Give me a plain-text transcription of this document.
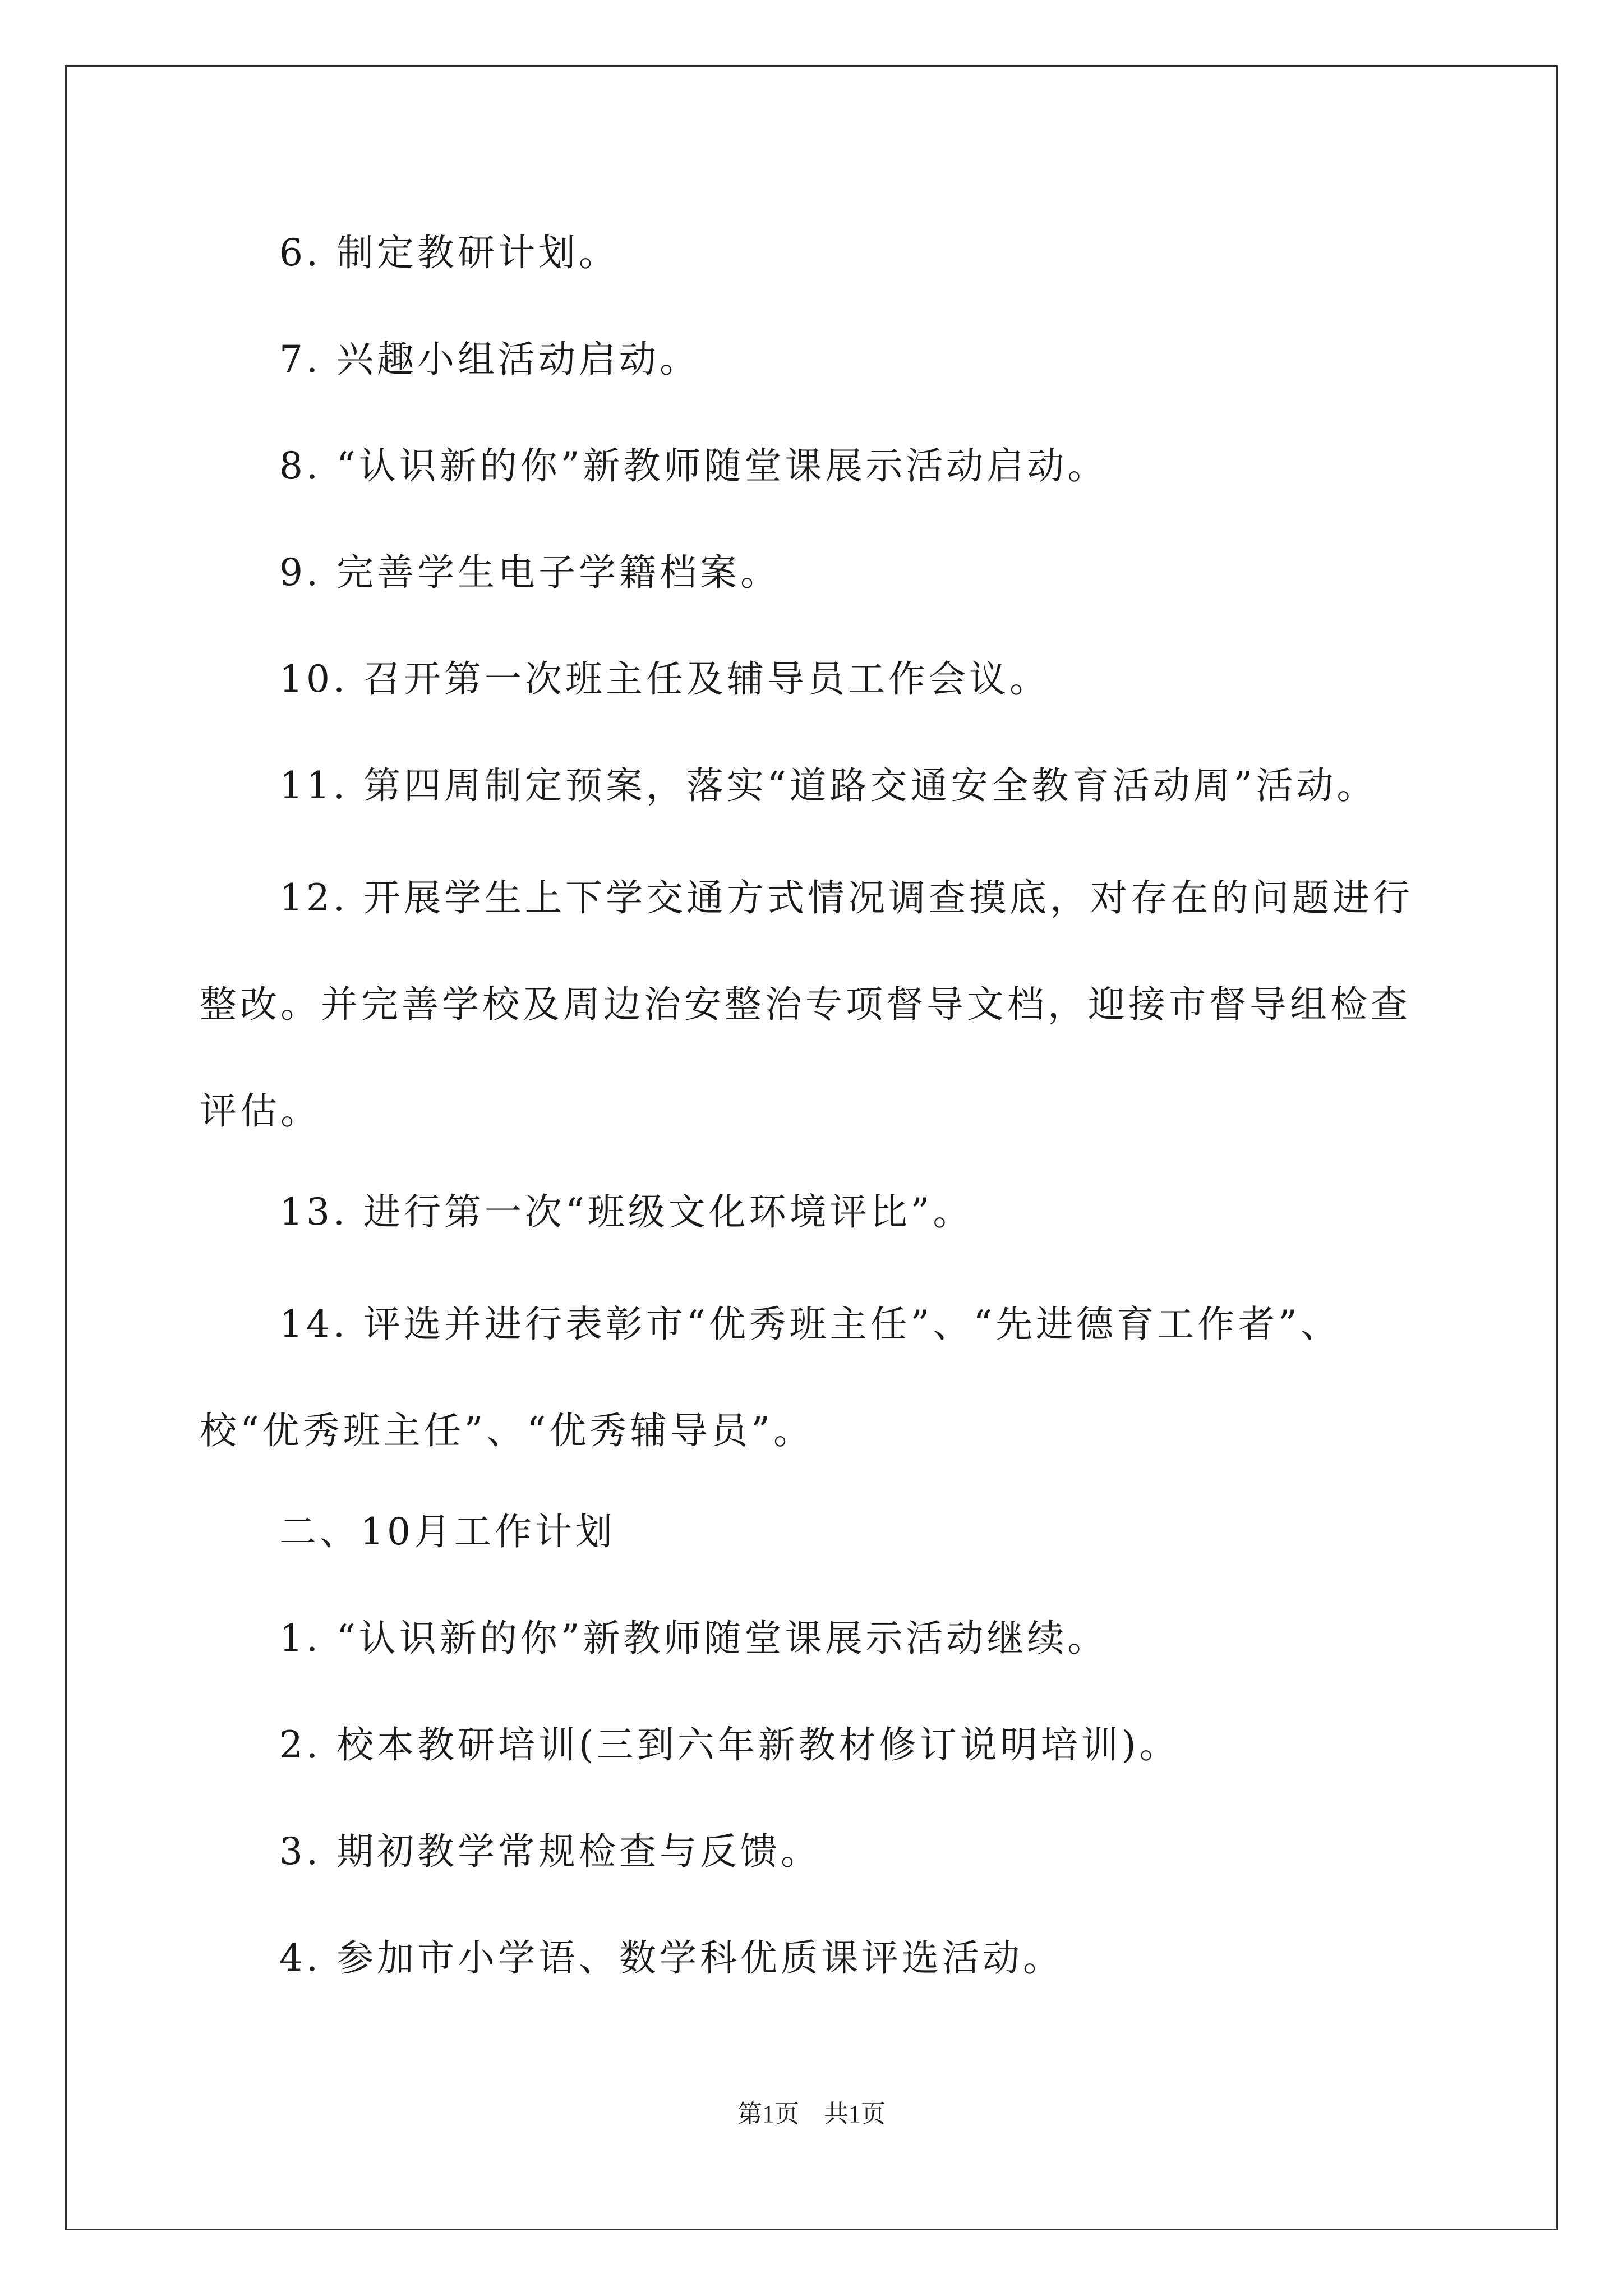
6. 制定教研计划。
7. 兴趣小组活动启动。
8. “认识新的你”新教师随堂课展示活动启动。
9. 完善学生电子学籍档案。
10. 召开第一次班主任及辅导员工作会议。
11. 第四周制定预案，落实“道路交通安全教育活动周”活动。
12. 开展学生上下学交通方式情况调查摸底，对存在的问题进行整改。并完善学校及周边治安整治专项督导文档，迎接市督导组检查评估。
13. 进行第一次“班级文化环境评比”。
14. 评选并进行表彰市“优秀班主任”、“先进德育工作者”、校“优秀班主任”、“优秀辅导员”。
二、10月工作计划
1. “认识新的你”新教师随堂课展示活动继续。
2. 校本教研培训(三到六年新教材修订说明培训)。
3. 期初教学常规检查与反馈。
4. 参加市小学语、数学科优质课评选活动。
第1页　共1页
